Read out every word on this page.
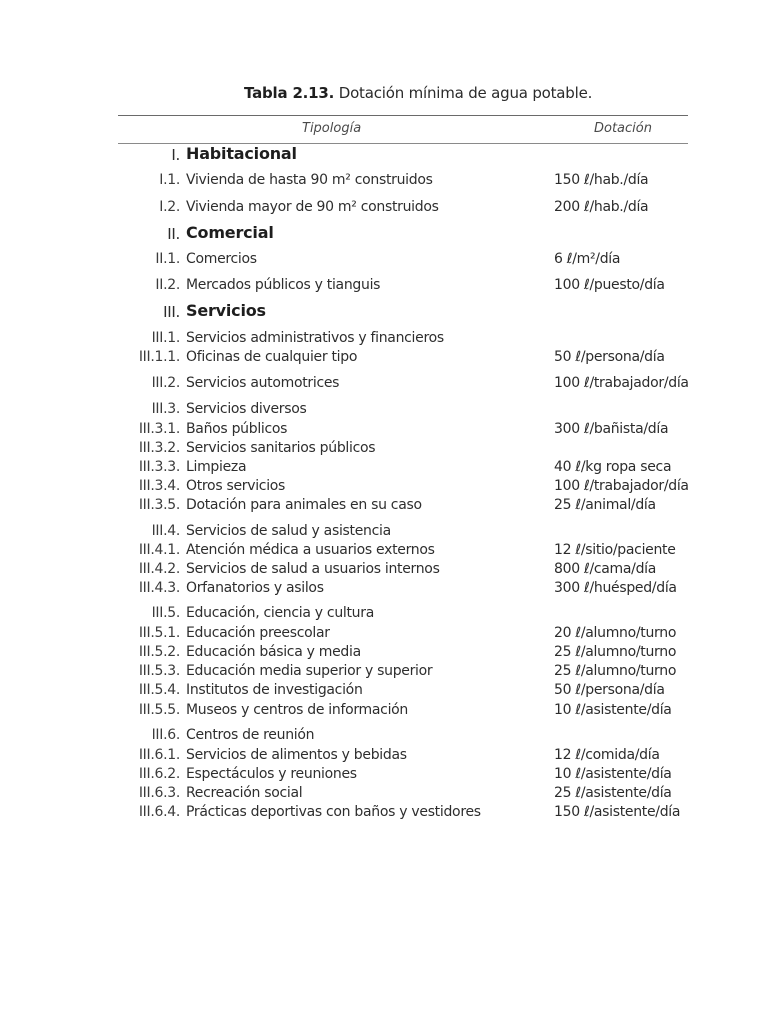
Tabla 2.13. Dotación mínima de agua potable.
Tipología	Dotación
I. Habitacional
I.1. Vivienda de hasta 90 m² construidos	150 ℓ/hab./día
I.2. Vivienda mayor de 90 m² construidos	200 ℓ/hab./día
II. Comercial
II.1. Comercios	6 ℓ/m²/día
II.2. Mercados públicos y tianguis	100 ℓ/puesto/día
III. Servicios
III.1. Servicios administrativos y financieros
III.1.1. Oficinas de cualquier tipo	50 ℓ/persona/día
III.2. Servicios automotrices	100 ℓ/trabajador/día
III.3. Servicios diversos
III.3.1. Baños públicos	300 ℓ/bañista/día
III.3.2. Servicios sanitarios públicos
III.3.3. Limpieza	40 ℓ/kg ropa seca
III.3.4. Otros servicios	100 ℓ/trabajador/día
III.3.5. Dotación para animales en su caso	25 ℓ/animal/día
III.4. Servicios de salud y asistencia
III.4.1. Atención médica a usuarios externos	12 ℓ/sitio/paciente
III.4.2. Servicios de salud a usuarios internos	800 ℓ/cama/día
III.4.3. Orfanatorios y asilos	300 ℓ/huésped/día
III.5. Educación, ciencia y cultura
III.5.1. Educación preescolar	20 ℓ/alumno/turno
III.5.2. Educación básica y media	25 ℓ/alumno/turno
III.5.3. Educación media superior y superior	25 ℓ/alumno/turno
III.5.4. Institutos de investigación	50 ℓ/persona/día
III.5.5. Museos y centros de información	10 ℓ/asistente/día
III.6. Centros de reunión
III.6.1. Servicios de alimentos y bebidas	12 ℓ/comida/día
III.6.2. Espectáculos y reuniones	10 ℓ/asistente/día
III.6.3. Recreación social	25 ℓ/asistente/día
III.6.4. Prácticas deportivas con baños y vestidores	150 ℓ/asistente/día
